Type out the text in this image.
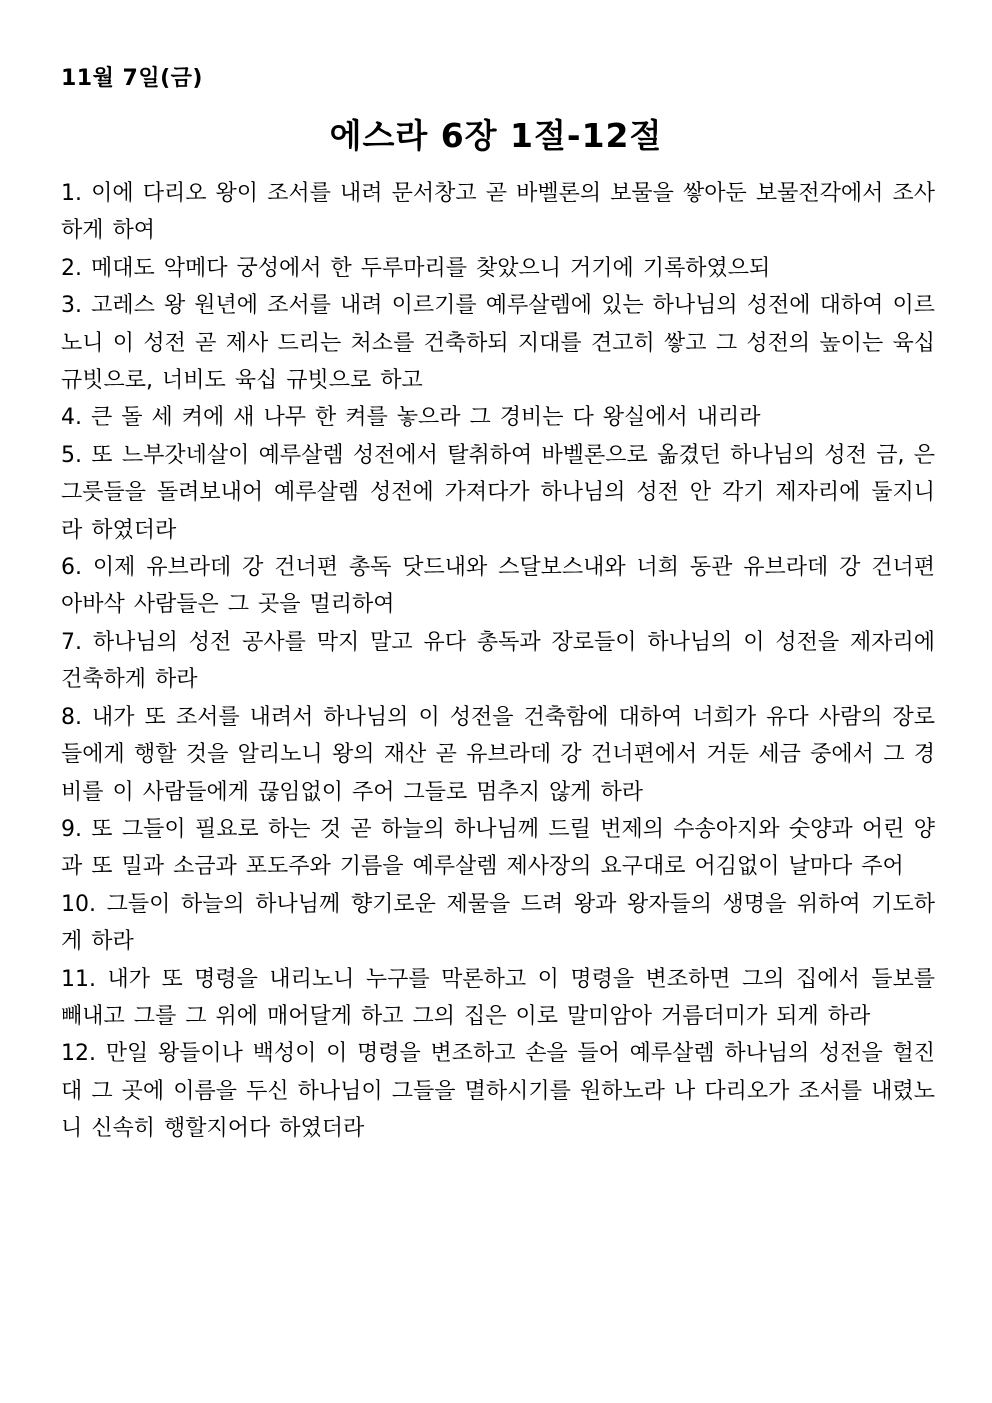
11월 7일(금)
에스라 6장 1절-12절

1. 이에 다리오 왕이 조서를 내려 문서창고 곧 바벨론의 보물을 쌓아둔 보물전각에서 조사하게 하여

2. 메대도 악메다 궁성에서 한 두루마리를 찾았으니 거기에 기록하였으되

3. 고레스 왕 원년에 조서를 내려 이르기를 예루살렘에 있는 하나님의 성전에 대하여 이르노니 이 성전 곧 제사 드리는 처소를 건축하되 지대를 견고히 쌓고 그 성전의 높이는 육십 규빗으로, 너비도 육십 규빗으로 하고

4. 큰 돌 세 켜에 새 나무 한 켜를 놓으라 그 경비는 다 왕실에서 내리라

5. 또 느부갓네살이 예루살렘 성전에서 탈취하여 바벨론으로 옮겼던 하나님의 성전 금, 은 그릇들을 돌려보내어 예루살렘 성전에 가져다가 하나님의 성전 안 각기 제자리에 둘지니라 하였더라

6. 이제 유브라데 강 건너편 총독 닷드내와 스달보스내와 너희 동관 유브라데 강 건너편 아바삭 사람들은 그 곳을 멀리하여

7. 하나님의 성전 공사를 막지 말고 유다 총독과 장로들이 하나님의 이 성전을 제자리에 건축하게 하라

8. 내가 또 조서를 내려서 하나님의 이 성전을 건축함에 대하여 너희가 유다 사람의 장로들에게 행할 것을 알리노니 왕의 재산 곧 유브라데 강 건너편에서 거둔 세금 중에서 그 경비를 이 사람들에게 끊임없이 주어 그들로 멈추지 않게 하라

9. 또 그들이 필요로 하는 것 곧 하늘의 하나님께 드릴 번제의 수송아지와 숫양과 어린 양과 또 밀과 소금과 포도주와 기름을 예루살렘 제사장의 요구대로 어김없이 날마다 주어

10. 그들이 하늘의 하나님께 향기로운 제물을 드려 왕과 왕자들의 생명을 위하여 기도하게 하라

11. 내가 또 명령을 내리노니 누구를 막론하고 이 명령을 변조하면 그의 집에서 들보를 빼내고 그를 그 위에 매어달게 하고 그의 집은 이로 말미암아 거름더미가 되게 하라

12. 만일 왕들이나 백성이 이 명령을 변조하고 손을 들어 예루살렘 하나님의 성전을 헐진대 그 곳에 이름을 두신 하나님이 그들을 멸하시기를 원하노라 나 다리오가 조서를 내렸노니 신속히 행할지어다 하였더라
